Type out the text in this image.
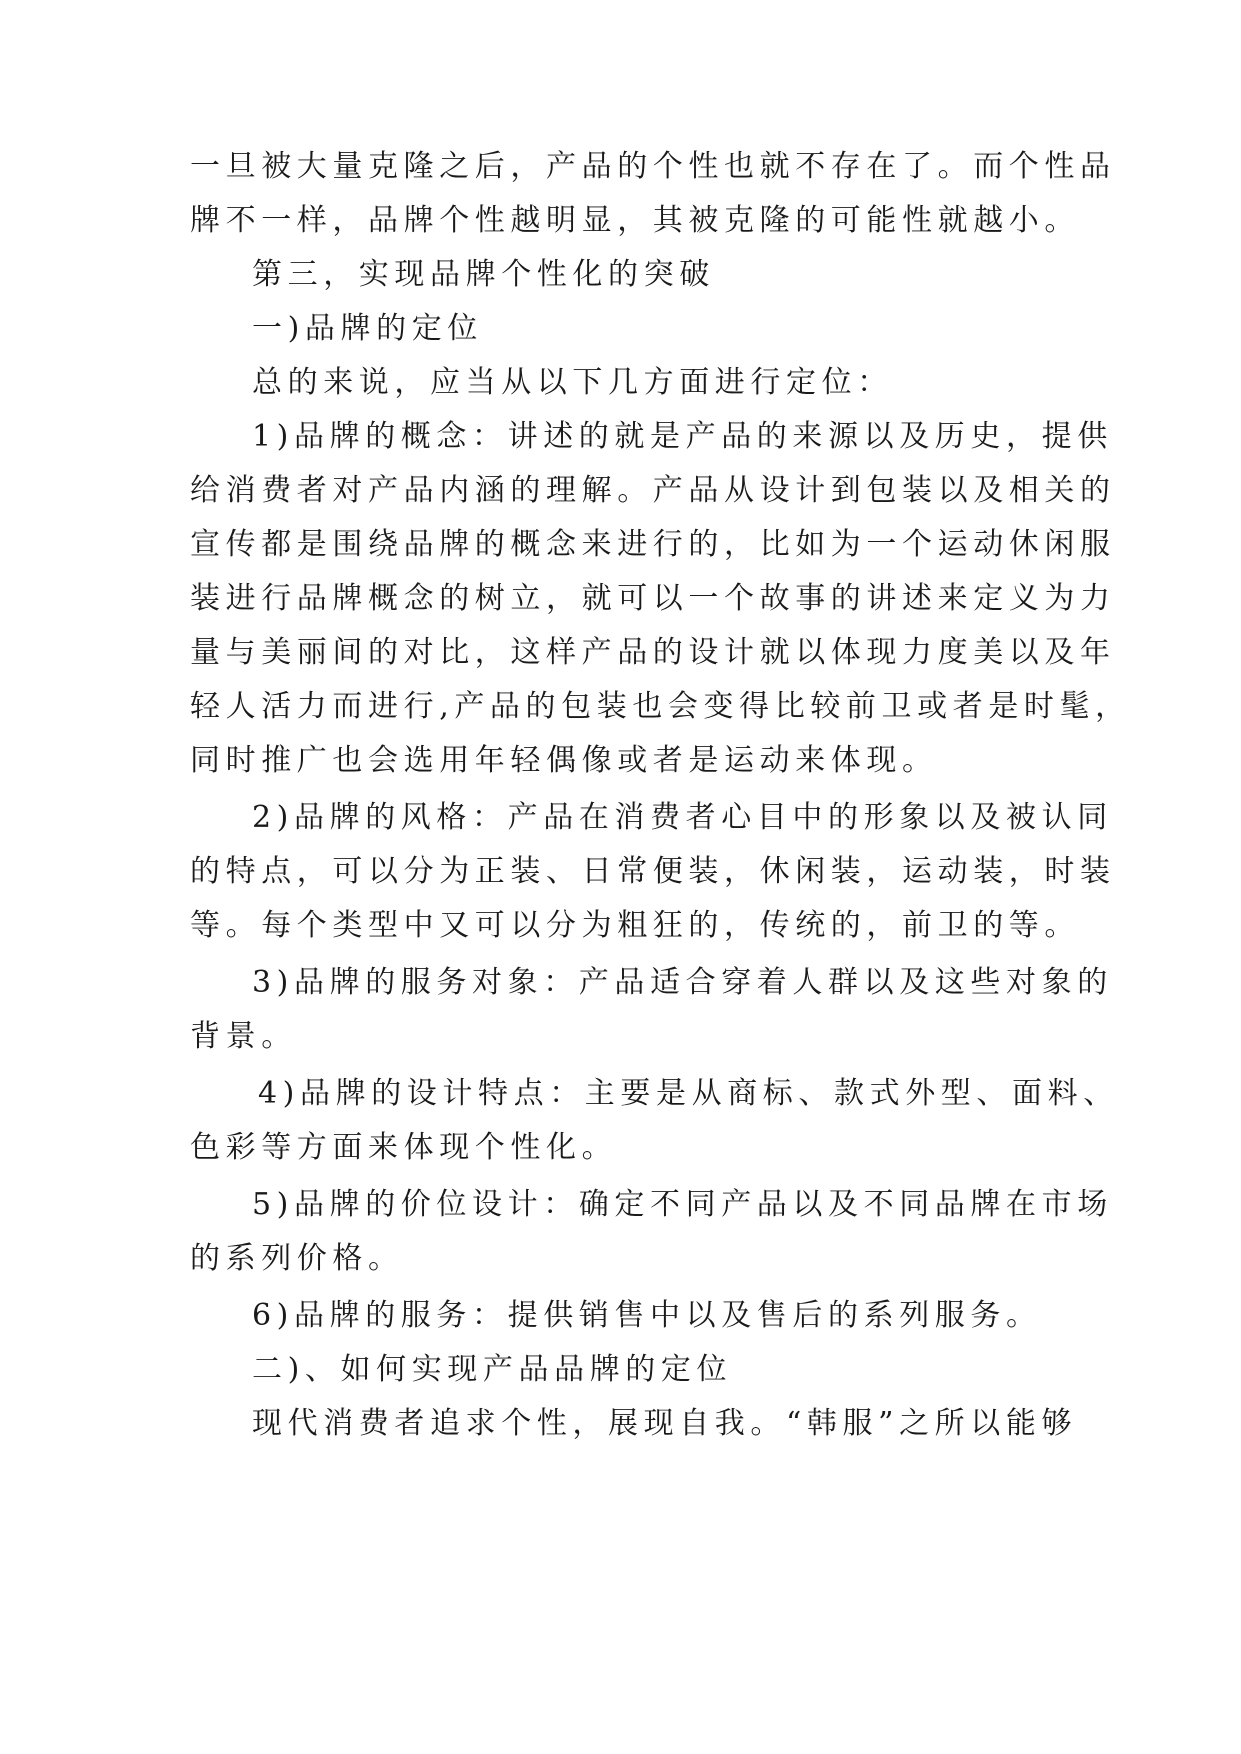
一旦被大量克隆之后，产品的个性也就不存在了。而个性品
牌不一样，品牌个性越明显，其被克隆的可能性就越小。
第三，实现品牌个性化的突破
一)品牌的定位
总的来说，应当从以下几方面进行定位：
1)品牌的概念：讲述的就是产品的来源以及历史，提供
给消费者对产品内涵的理解。产品从设计到包装以及相关的
宣传都是围绕品牌的概念来进行的，比如为一个运动休闲服
装进行品牌概念的树立，就可以一个故事的讲述来定义为力
量与美丽间的对比，这样产品的设计就以体现力度美以及年
轻人活力而进行,产品的包装也会变得比较前卫或者是时髦，
同时推广也会选用年轻偶像或者是运动来体现。
2)品牌的风格：产品在消费者心目中的形象以及被认同
的特点，可以分为正装、日常便装，休闲装，运动装，时装
等。每个类型中又可以分为粗狂的，传统的，前卫的等。
3)品牌的服务对象：产品适合穿着人群以及这些对象的
背景。
4)品牌的设计特点：主要是从商标、款式外型、面料、
色彩等方面来体现个性化。
5)品牌的价位设计：确定不同产品以及不同品牌在市场
的系列价格。
6)品牌的服务：提供销售中以及售后的系列服务。
二)、如何实现产品品牌的定位
现代消费者追求个性，展现自我。“韩服”之所以能够
